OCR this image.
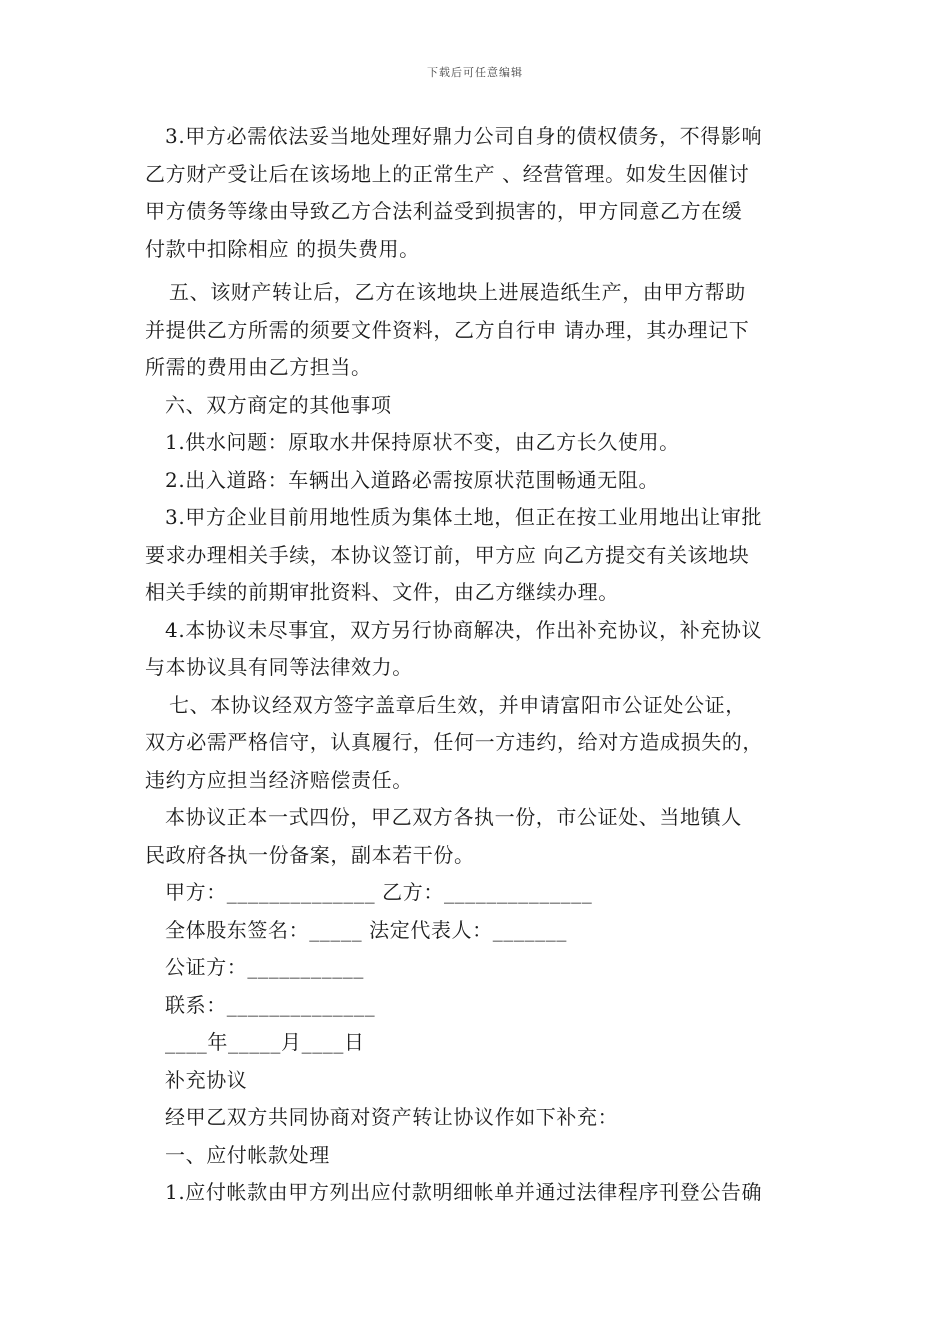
下载后可任意编辑
3.甲方必需依法妥当地处理好鼎力公司自身的债权债务，不得影响
乙方财产受让后在该场地上的正常生产 、经营管理。如发生因催讨
甲方债务等缘由导致乙方合法利益受到损害的，甲方同意乙方在缓
付款中扣除相应 的损失费用。
五、该财产转让后，乙方在该地块上进展造纸生产，由甲方帮助
并提供乙方所需的须要文件资料，乙方自行申 请办理，其办理记下
所需的费用由乙方担当。
六、双方商定的其他事项
1.供水问题：原取水井保持原状不变，由乙方长久使用。
2.出入道路：车辆出入道路必需按原状范围畅通无阻。
3.甲方企业目前用地性质为集体土地，但正在按工业用地出让审批
要求办理相关手续，本协议签订前，甲方应 向乙方提交有关该地块
相关手续的前期审批资料、文件，由乙方继续办理。
4.本协议未尽事宜，双方另行协商解决，作出补充协议，补充协议
与本协议具有同等法律效力。
七、本协议经双方签字盖章后生效，并申请富阳市公证处公证，
双方必需严格信守，认真履行，任何一方违约，给对方造成损失的，
违约方应担当经济赔偿责任。
本协议正本一式四份，甲乙双方各执一份，市公证处、当地镇人
民政府各执一份备案，副本若干份。
甲方：______________ 乙方：______________
全体股东签名：_____ 法定代表人：_______
公证方：___________
联系：______________
____年_____月____日
补充协议
经甲乙双方共同协商对资产转让协议作如下补充：
一、应付帐款处理
1.应付帐款由甲方列出应付款明细帐单并通过法律程序刊登公告确
